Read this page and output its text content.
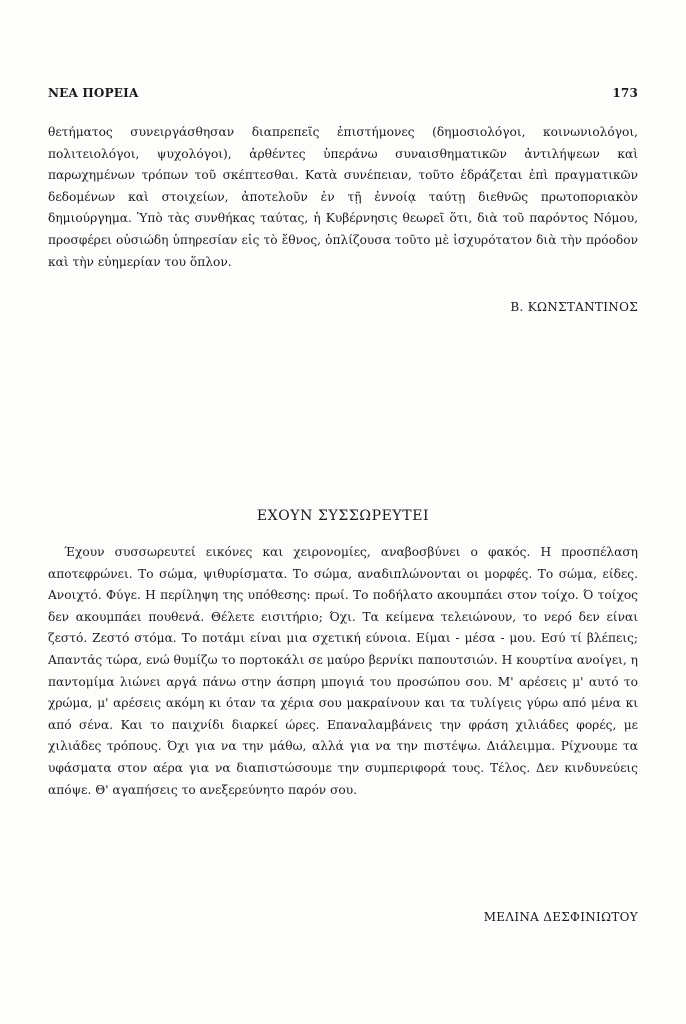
ΝΕΑ ΠΟΡΕΙΑ	173

θετήματος συνειργάσθησαν διαπρεπεῖς ἐπιστήμονες (δημοσιολόγοι, κοινωνιολόγοι, πολιτειολόγοι, ψυχολόγοι), ἀρθέντες ὑπεράνω συναισθηματικῶν ἀντιλήψεων καὶ παρωχημένων τρόπων τοῦ σκέπτεσθαι. Κατὰ συνέπειαν, τοῦτο ἑδράζεται ἐπὶ πραγματικῶν δεδομένων καὶ στοιχείων, ἀποτελοῦν ἐν τῇ ἐννοίᾳ ταύτῃ διεθνῶς πρωτοποριακὸν δημιούργημα. Ὑπὸ τὰς συνθήκας ταύτας, ἡ Κυβέρνησις θεωρεῖ ὅτι, διὰ τοῦ παρόντος Νόμου, προσφέρει οὐσιώδη ὑπηρεσίαν εἰς τὸ ἔθνος, ὁπλίζουσα τοῦτο μὲ ἰσχυρότατον διὰ τὴν πρόοδον καὶ τὴν εὐημερίαν του ὅπλον.

Β. ΚΩΝΣΤΑΝΤΙΝΟΣ
ΕΧΟΥΝ ΣΥΣΣΩΡΕΥΤΕΙ

Έχουν συσσωρευτεί εικόνες και χειρονομίες, αναβοσβύνει ο φακός. Η προσπέλαση αποτεφρώνει. Το σώμα, ψιθυρίσματα. Το σώμα, αναδιπλώνονται οι μορφές. Το σώμα, είδες. Ανοιχτό. Φύγε. Η περίληψη της υπόθεσης: πρωί. Το ποδήλατο ακουμπάει στον τοίχο. Ό τοίχος δεν ακουμπάει πουθενά. Θέλετε εισιτήριο; Όχι. Τα κείμενα τελειώνουν, το νερό δεν είναι ζεστό. Ζεστό στόμα. Το ποτάμι είναι μια σχετική εύνοια. Είμαι - μέσα - μου. Εσύ τί βλέπεις; Απαντάς τώρα, ενώ θυμίζω το πορτοκάλι σε μαύρο βερνίκι παπουτσιών. Η κουρτίνα ανοίγει, η παντομίμα λιώνει αργά πάνω στην άσπρη μπογιά του προσώπου σου. Μ' αρέσεις μ' αυτό το χρώμα, μ' αρέσεις ακόμη κι όταν τα χέρια σου μακραίνουν και τα τυλίγεις γύρω από μένα κι από σένα. Και το παιχνίδι διαρκεί ώρες. Επαναλαμβάνεις την φράση χιλιάδες φορές, με χιλιάδες τρόπους. Όχι για να την μάθω, αλλά για να την πιστέψω. Διάλειμμα. Ρίχνουμε τα υφάσματα στον αέρα για να διαπιστώσουμε την συμπεριφορά τους. Τέλος. Δεν κινδυνεύεις απόψε. Θ' αγαπήσεις το ανεξερεύνητο παρόν σου.

ΜΕΛΙΝΑ ΔΕΣΦΙΝΙΩΤΟΥ
